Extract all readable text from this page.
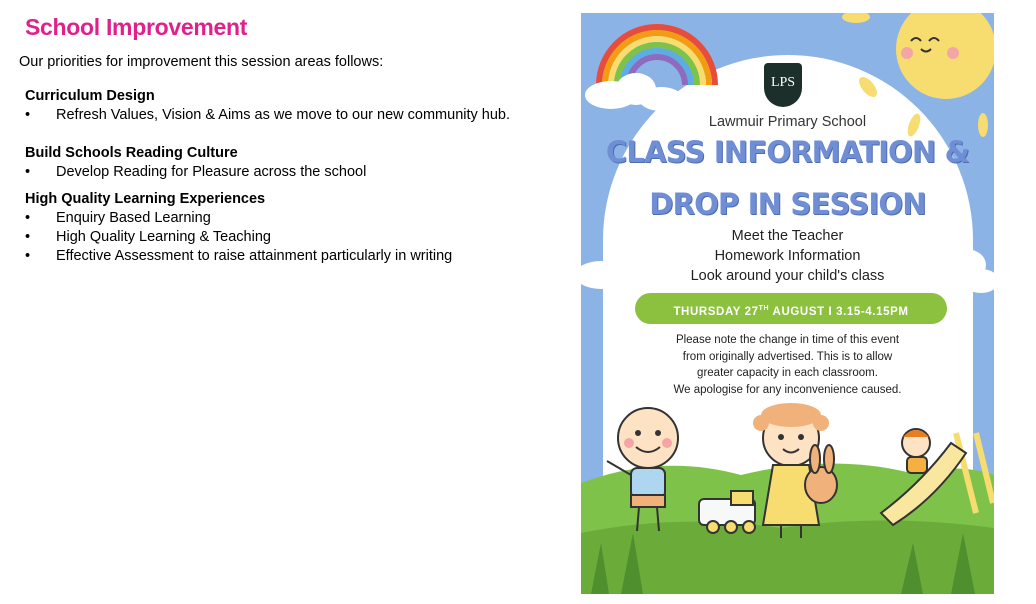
School Improvement
Our priorities for improvement this session areas follows:
Curriculum Design
• Refresh Values, Vision & Aims as we move to our new community hub.
Build Schools Reading Culture
• Develop Reading for Pleasure across the school
High Quality Learning Experiences
• Enquiry Based Learning
• High Quality Learning & Teaching
• Effective Assessment to raise attainment particularly in writing
LPS
Lawmuir Primary School
CLASS INFORMATION &
DROP IN SESSION
Meet the Teacher
Homework Information
Look around your child's class
THURSDAY 27TH AUGUST I 3.15-4.15PM
Please note the change in time of this event
from originally advertised. This is to allow
greater capacity in each classroom.
We apologise for any inconvenience caused.
